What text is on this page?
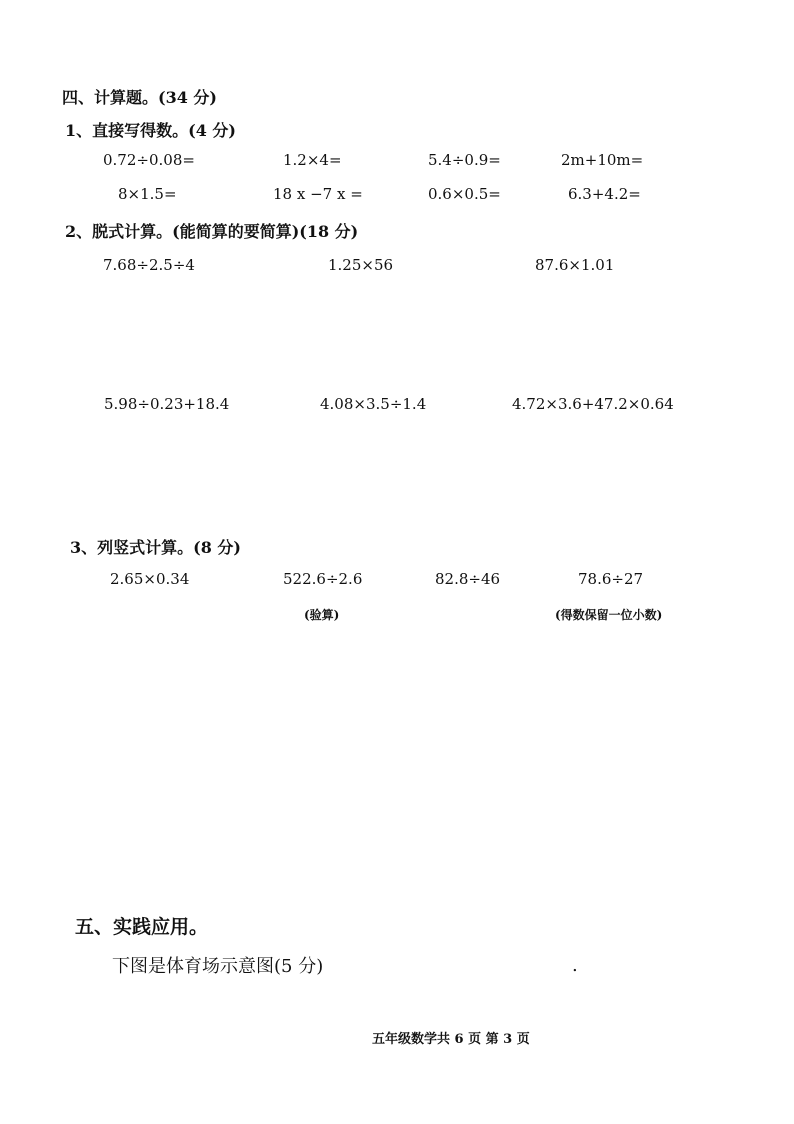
四、计算题。(34 分)
1、直接写得数。(4 分)
0.72÷0.08=	1.2×4=	5.4÷0.9=	2m+10m=
8×1.5=	18 x −7 x =	0.6×0.5=	6.3+4.2=
2、脱式计算。(能简算的要简算)(18 分)
7.68÷2.5÷4	1.25×56	87.6×1.01
5.98÷0.23+18.4	4.08×3.5÷1.4	4.72×3.6+47.2×0.64
3、列竖式计算。(8 分)
2.65×0.34	522.6÷2.6	82.8÷46	78.6÷27
(验算)	(得数保留一位小数)
五、实践应用。
下图是体育场示意图(5 分)	.
五年级数学共 6 页 第 3 页
